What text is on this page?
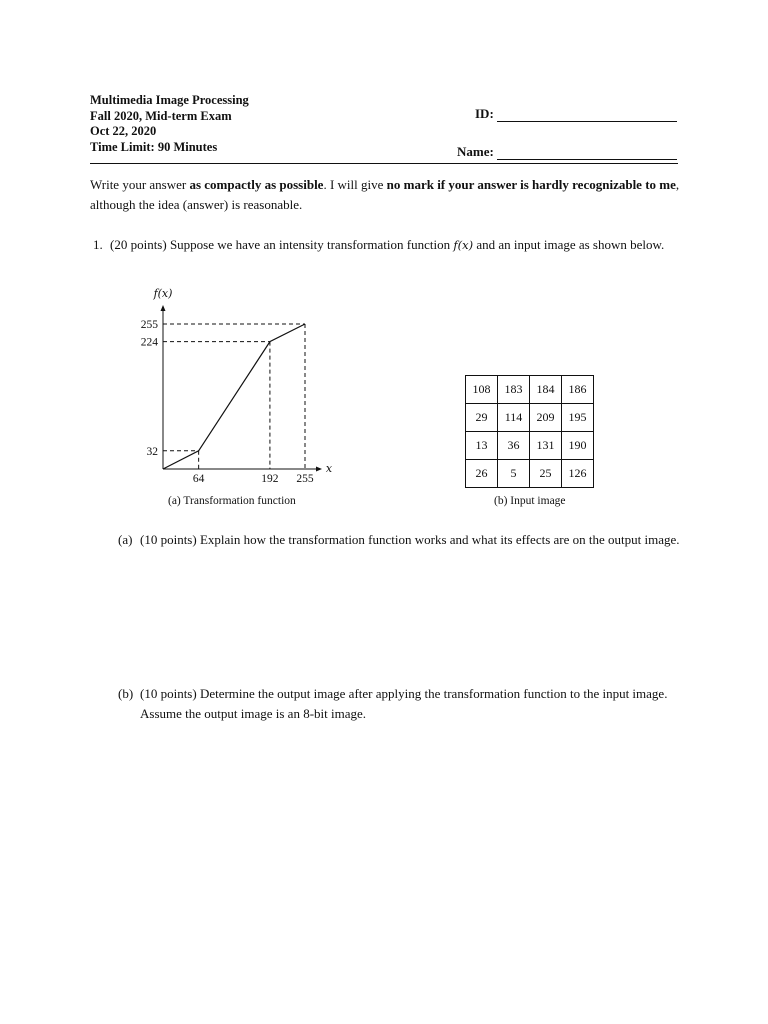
Multimedia Image Processing
Fall 2020, Mid-term Exam
Oct 22, 2020
Time Limit: 90 Minutes
ID:
Name:
Write your answer as compactly as possible. I will give no mark if your answer is hardly recognizable to me, although the idea (answer) is reasonable.
1. (20 points) Suppose we have an intensity transformation function f(x) and an input image as shown below.
64	192 255
32
224
255
f(x)
x
(a) Transformation function
108	183	184	186
29	114	209	195
13	36	131	190
26	5	25	126
(b) Input image
(a) (10 points) Explain how the transformation function works and what its effects are on the output image.
(b) (10 points) Determine the output image after applying the transformation function to the input image. Assume the output image is an 8-bit image.
